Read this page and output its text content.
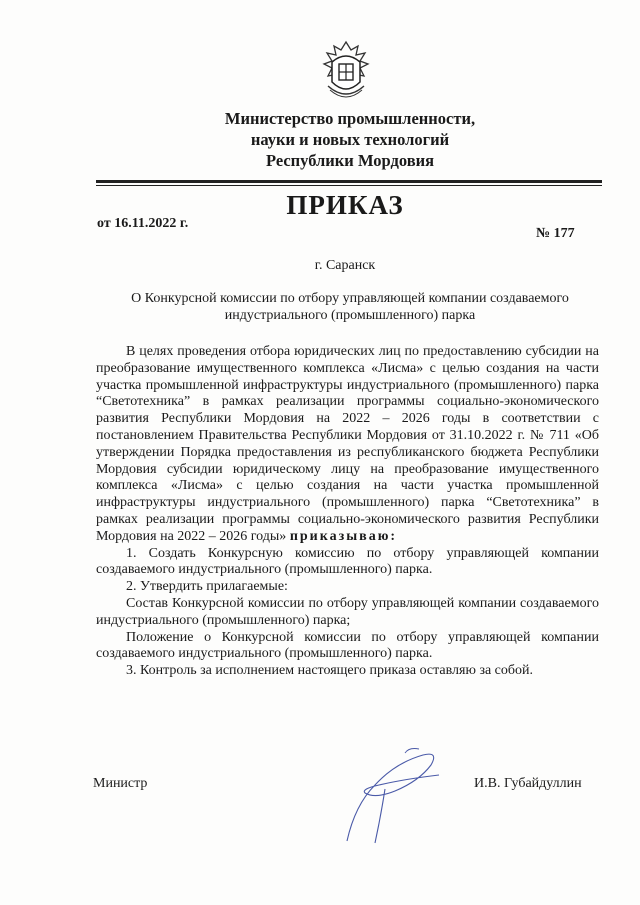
Министерство промышленности,
науки и новых технологий
Республики Мордовия
ПРИКАЗ
от 16.11.2022 г.
№ 177
г. Саранск
О Конкурсной комиссии по отбору управляющей компании создаваемого
индустриального (промышленного) парка

В целях проведения отбора юридических лиц по предоставлению субсидии на преобразование имущественного комплекса «Лисма» с целью создания на части участка промышленной инфраструктуры индустриального (промышленного) парка “Светотехника” в рамках реализации программы социально-экономического развития Республики Мордовия на 2022 – 2026 годы в соответствии с постановлением Правительства Республики Мордовия от 31.10.2022 г. № 711 «Об утверждении Порядка предоставления из республиканского бюджета Республики Мордовия субсидии юридическому лицу на преобразование имущественного комплекса «Лисма» с целью создания на части участка промышленной инфраструктуры индустриального (промышленного) парка “Светотехника” в рамках реализации программы социально-экономического развития Республики Мордовия на 2022 – 2026 годы» приказываю:

1. Создать Конкурсную комиссию по отбору управляющей компании создаваемого индустриального (промышленного) парка.

2. Утвердить прилагаемые:

Состав Конкурсной комиссии по отбору управляющей компании создаваемого индустриального (промышленного) парка;

Положение о Конкурсной комиссии по отбору управляющей компании создаваемого индустриального (промышленного) парка.

3. Контроль за исполнением настоящего приказа оставляю за собой.

Министр	И.В. Губайдуллин
